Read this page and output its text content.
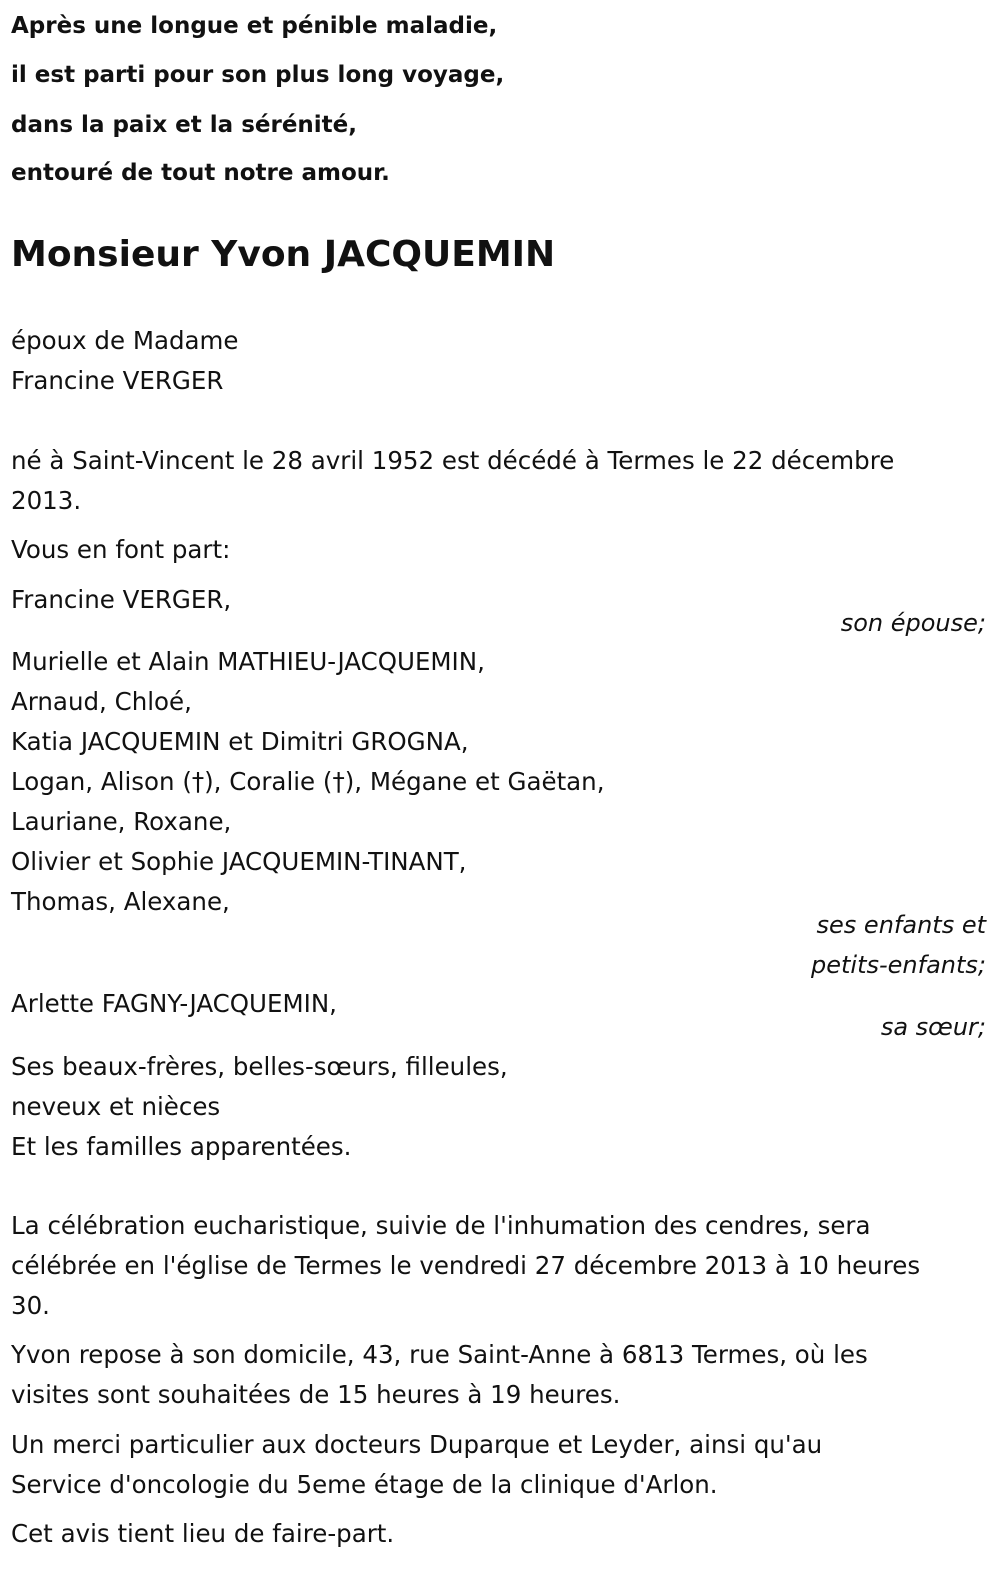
Après une longue et pénible maladie,
il est parti pour son plus long voyage,
dans la paix et la sérénité,
entouré de tout notre amour.
Monsieur Yvon JACQUEMIN
époux de Madame
Francine VERGER
né à Saint-Vincent le 28 avril 1952 est décédé à Termes le 22 décembre
2013.
Vous en font part:
Francine VERGER,
son épouse;
Murielle et Alain MATHIEU-JACQUEMIN,
Arnaud, Chloé,
Katia JACQUEMIN et Dimitri GROGNA,
Logan, Alison (†), Coralie (†), Mégane et Gaëtan,
Lauriane, Roxane,
Olivier et Sophie JACQUEMIN-TINANT,
Thomas, Alexane,
ses enfants et
petits-enfants;
Arlette FAGNY-JACQUEMIN,
sa sœur;
Ses beaux-frères, belles-sœurs, filleules,
neveux et nièces
Et les familles apparentées.
La célébration eucharistique, suivie de l'inhumation des cendres, sera
célébrée en l'église de Termes le vendredi 27 décembre 2013 à 10 heures
30.
Yvon repose à son domicile, 43, rue Saint-Anne à 6813 Termes, où les
visites sont souhaitées de 15 heures à 19 heures.
Un merci particulier aux docteurs Duparque et Leyder, ainsi qu'au
Service d'oncologie du 5eme étage de la clinique d'Arlon.
Cet avis tient lieu de faire-part.
